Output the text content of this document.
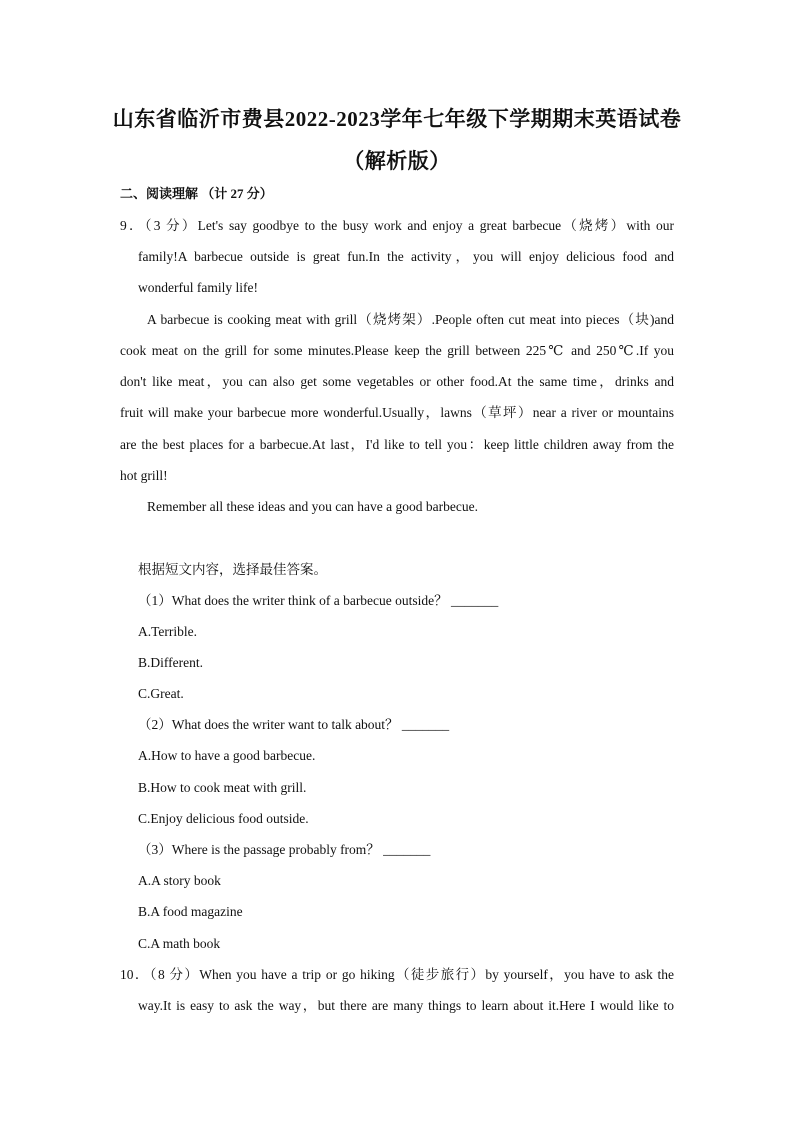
山东省临沂市费县2022-2023学年七年级下学期期末英语试卷
（解析版）
二、阅读理解 （计 27 分）
9．（3 分）Let's say goodbye to the busy work and enjoy a great barbecue（烧烤）with our
family!A barbecue outside is great fun.In the activity，you will enjoy delicious food and
wonderful family life!
A barbecue is cooking meat with grill（烧烤架）.People often cut meat into pieces（块)and
cook meat on the grill for some minutes.Please keep the grill between 225℃ and 250℃.If you
don't like meat，you can also get some vegetables or other food.At the same time，drinks and
fruit will make your barbecue more wonderful.Usually，lawns（草坪）near a river or mountains
are the best places for a barbecue.At last，I'd like to tell you：keep little children away from the
hot grill!
Remember all these ideas and you can have a good barbecue.
根据短文内容，选择最佳答案。
（1）What does the writer think of a barbecue outside？ _______
A.Terrible.
B.Different.
C.Great.
（2）What does the writer want to talk about？ _______
A.How to have a good barbecue.
B.How to cook meat with grill.
C.Enjoy delicious food outside.
（3）Where is the passage probably from？ _______
A.A story book
B.A food magazine
C.A math book
10．（8 分）When you have a trip or go hiking（徒步旅行）by yourself，you have to ask the
way.It is easy to ask the way，but there are many things to learn about it.Here I would like to
